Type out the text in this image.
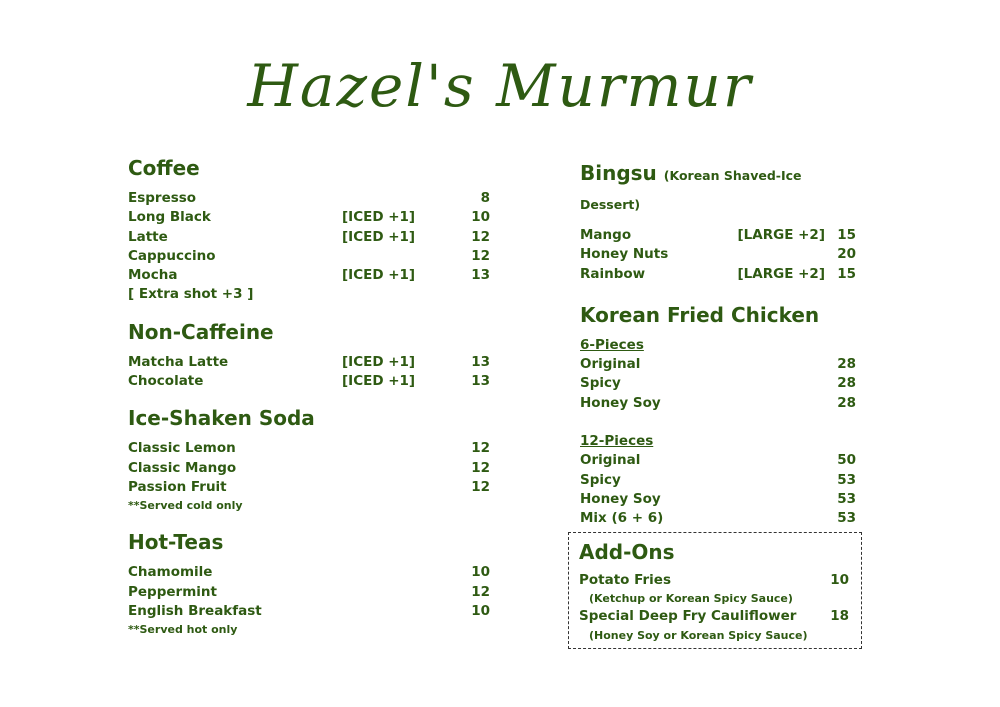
Hazel's Murmur
Coffee
Espresso	8
Long Black	[ICED +1]	10
Latte	[ICED +1]	12
Cappuccino	12
Mocha	[ICED +1]	13
[ Extra shot +3 ]
Non-Caffeine
Matcha Latte	[ICED +1]	13
Chocolate	[ICED +1]	13
Ice-Shaken Soda
Classic Lemon	12
Classic Mango	12
Passion Fruit	12
**Served cold only
Hot-Teas
Chamomile	10
Peppermint	12
English Breakfast	10
**Served hot only
Bingsu (Korean Shaved-Ice Dessert)
Mango	[LARGE +2] 15
Honey Nuts	20
Rainbow	[LARGE +2] 15
Korean Fried Chicken
6-Pieces
Original	28
Spicy	28
Honey Soy	28
12-Pieces
Original	50
Spicy	53
Honey Soy	53
Mix (6 + 6)	53
Add-Ons
Potato Fries	10
(Ketchup or Korean Spicy Sauce)
Special Deep Fry Cauliflower 18
(Honey Soy or Korean Spicy Sauce)
